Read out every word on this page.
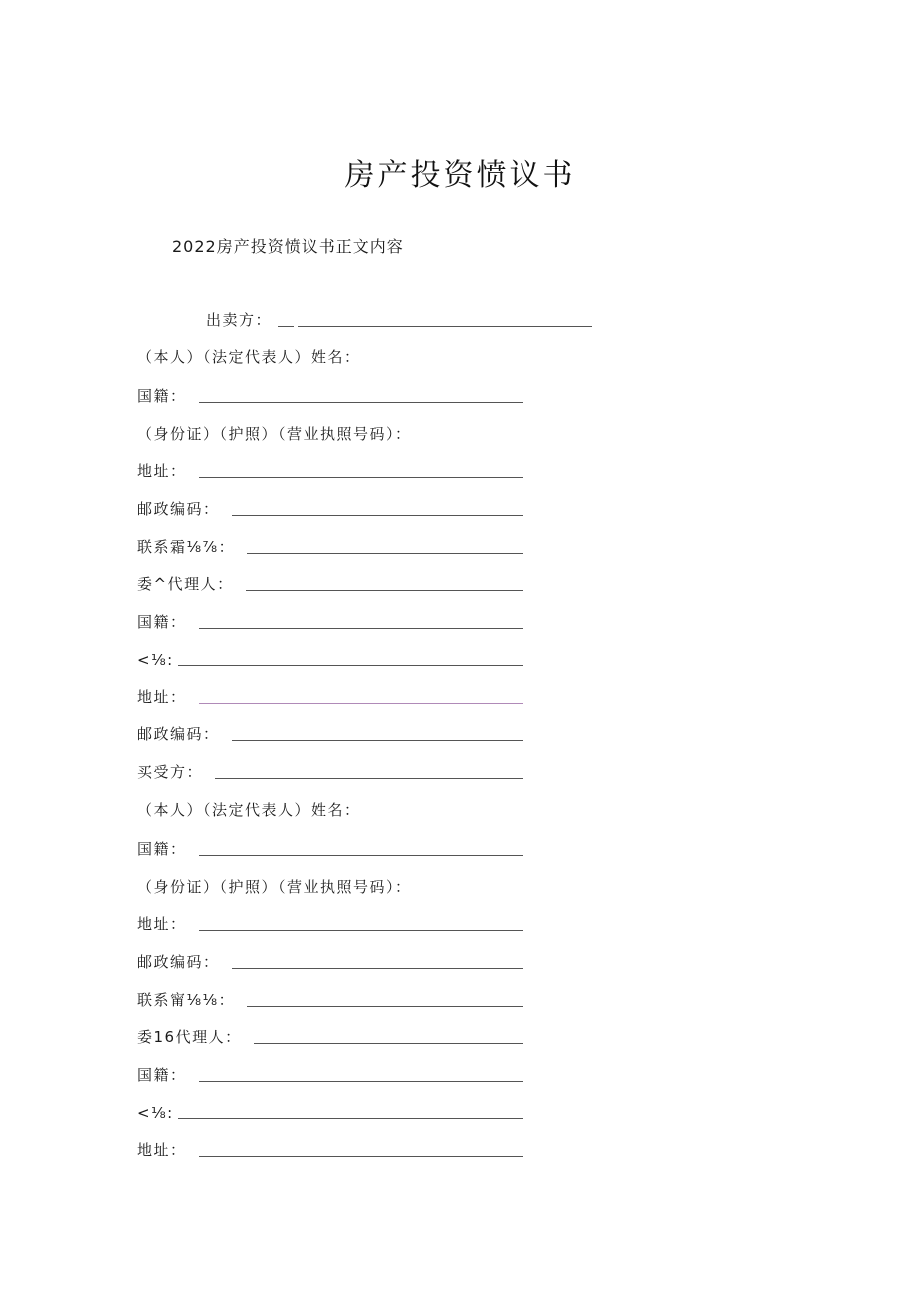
房产投资愤议书
2022房产投资愤议书正文内容
出卖方：
（本人）（法定代表人）姓名：
国籍：
（身份证）（护照）（营业执照号码）：
地址：
邮政编码：
联系霜⅛⅞：
委^代理人：
国籍：
<⅛:
地址：
邮政编码：
买受方：
（本人）（法定代表人）姓名：
国籍：
（身份证）（护照）（营业执照号码）：
地址：
邮政编码：
联系甯⅛⅛：
委16代理人：
国籍：
<⅛:
地址：
